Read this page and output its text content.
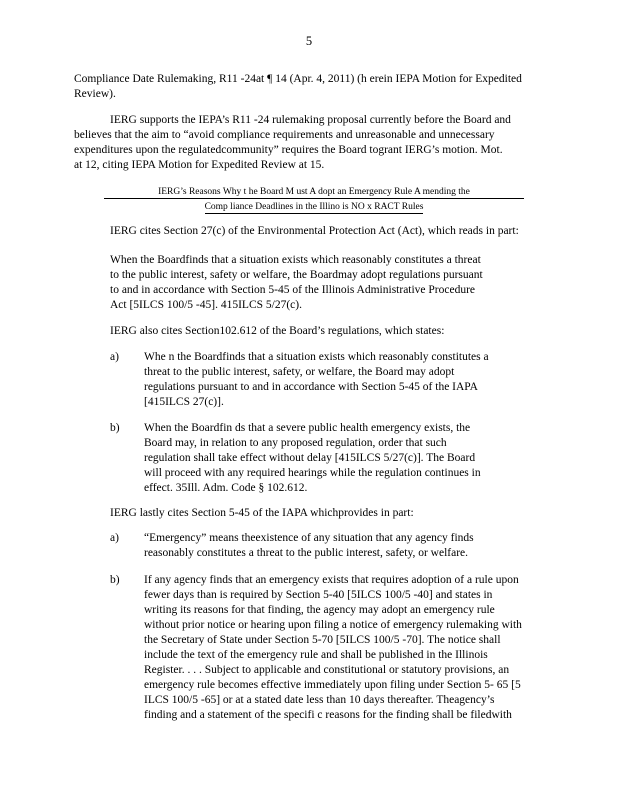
5
Compliance Date Rulemaking, R11 -24at ¶ 14 (Apr. 4, 2011) (h erein IEPA Motion for Expedited
Review).
IERG supports the IEPA’s R11 -24 rulemaking proposal currently before the Board and
believes that the aim to “avoid compliance requirements and unreasonable and unnecessary
expenditures upon the regulatedcommunity” requires the Board togrant IERG’s motion. Mot.
at 12, citing IEPA Motion for Expedited Review at 15.
IERG’s Reasons Why t he Board M ust A dopt an Emergency Rule A mending the
Comp liance Deadlines in the Illino is NO x RACT Rules
IERG cites Section 27(c) of the Environmental Protection Act (Act), which reads in part:
When the Boardfinds that a situation exists which reasonably constitutes a threat
to the public interest, safety or welfare, the Boardmay adopt regulations pursuant
to and in accordance with Section 5-45 of the Illinois Administrative Procedure
Act [5ILCS 100/5 -45]. 415ILCS 5/27(c).
IERG also cites Section102.612 of the Board’s regulations, which states:
a) Whe n the Boardfinds that a situation exists which reasonably constitutes a
threat to the public interest, safety, or welfare, the Board may adopt
regulations pursuant to and in accordance with Section 5-45 of the IAPA
[415ILCS 27(c)].
b) When the Boardfin ds that a severe public health emergency exists, the
Board may, in relation to any proposed regulation, order that such
regulation shall take effect without delay [415ILCS 5/27(c)]. The Board
will proceed with any required hearings while the regulation continues in
effect. 35Ill. Adm. Code § 102.612.
IERG lastly cites Section 5-45 of the IAPA whichprovides in part:
a) “Emergency” means theexistence of any situation that any agency finds
reasonably constitutes a threat to the public interest, safety, or welfare.
b) If any agency finds that an emergency exists that requires adoption of a rule upon
fewer days than is required by Section 5-40 [5ILCS 100/5 -40] and states in
writing its reasons for that finding, the agency may adopt an emergency rule
without prior notice or hearing upon filing a notice of emergency rulemaking with
the Secretary of State under Section 5-70 [5ILCS 100/5 -70]. The notice shall
include the text of the emergency rule and shall be published in the Illinois
Register. . . . Subject to applicable and constitutional or statutory provisions, an
emergency rule becomes effective immediately upon filing under Section 5- 65 [5
ILCS 100/5 -65] or at a stated date less than 10 days thereafter. Theagency’s
finding and a statement of the specifi c reasons for the finding shall be filedwith
